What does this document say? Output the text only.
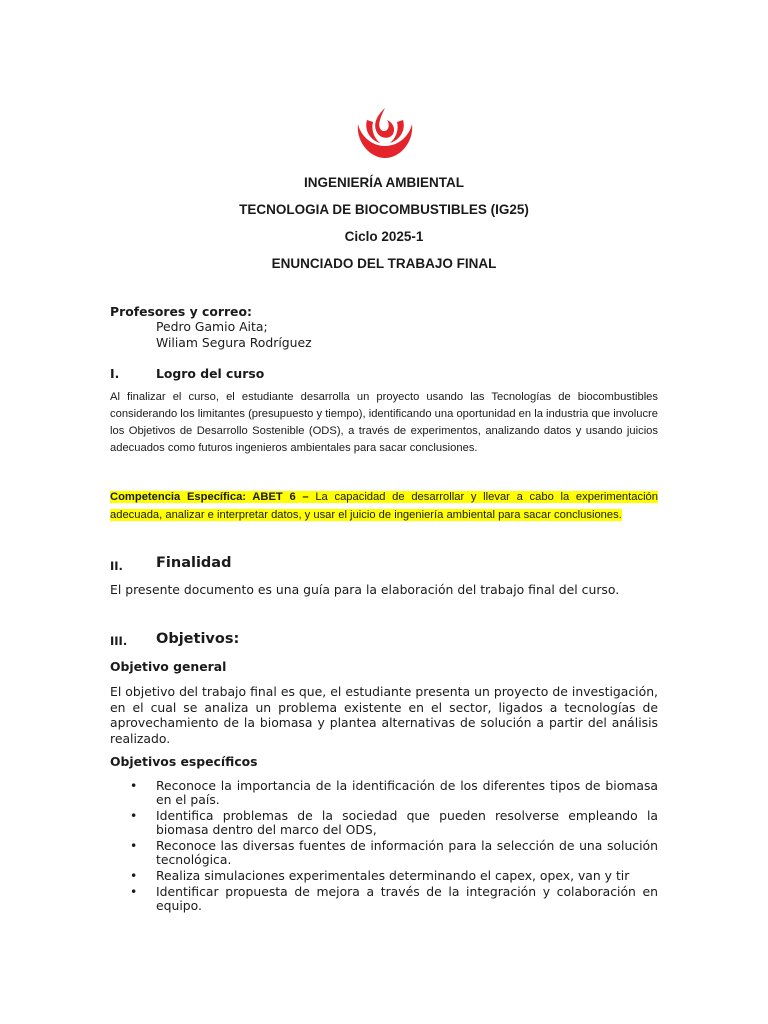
INGENIERÍA AMBIENTAL
TECNOLOGIA DE BIOCOMBUSTIBLES (IG25)
Ciclo 2025-1
ENUNCIADO DEL TRABAJO FINAL
Profesores y correo:
Pedro Gamio Aita;
Wiliam Segura Rodríguez
I.	Logro del curso
Al finalizar el curso, el estudiante desarrolla un proyecto usando las Tecnologías de biocombustibles considerando los limitantes (presupuesto y tiempo), identificando una oportunidad en la industria que involucre los Objetivos de Desarrollo Sostenible (ODS), a través de experimentos, analizando datos y usando juicios adecuados como futuros ingenieros ambientales para sacar conclusiones.
Competencia Específica: ABET 6 – La capacidad de desarrollar y llevar a cabo la experimentación adecuada, analizar e interpretar datos, y usar el juicio de ingeniería ambiental para sacar conclusiones.
II. Finalidad
El presente documento es una guía para la elaboración del trabajo final del curso.
III. Objetivos:
Objetivo general
El objetivo del trabajo final es que, el estudiante presenta un proyecto de investigación, en el cual se analiza un problema existente en el sector, ligados a tecnologías de aprovechamiento de la biomasa y plantea alternativas de solución a partir del análisis realizado.
Objetivos específicos
• Reconoce la importancia de la identificación de los diferentes tipos de biomasa en el país.
• Identifica problemas de la sociedad que pueden resolverse empleando la biomasa dentro del marco del ODS,
• Reconoce las diversas fuentes de información para la selección de una solución tecnológica.
• Realiza simulaciones experimentales determinando el capex, opex, van y tir
• Identificar propuesta de mejora a través de la integración y colaboración en equipo.
